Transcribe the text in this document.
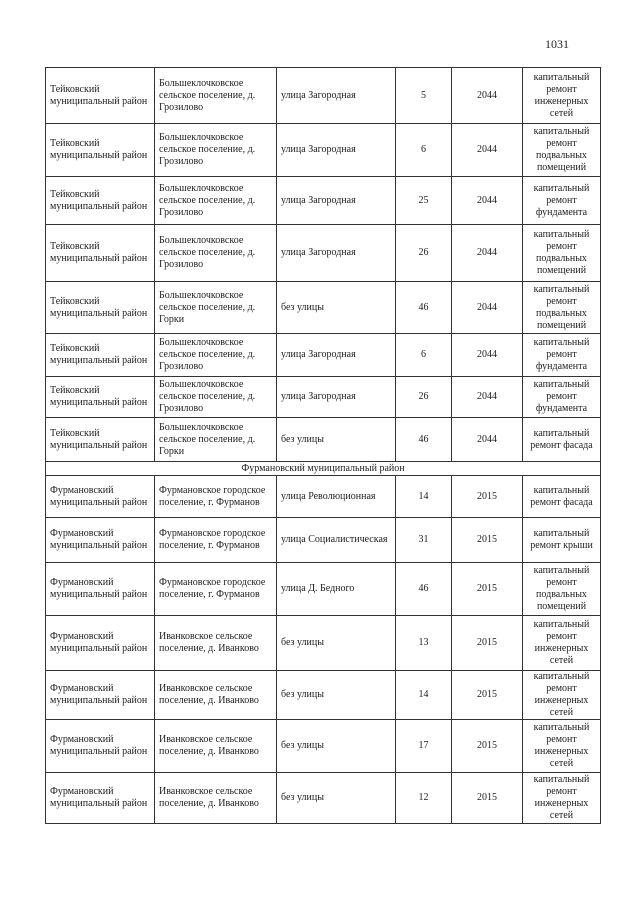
1031
Тейковский муниципальный район	Большеклочковское сельское поселение, д. Грозилово	улица Загородная	5	2044	капитальный ремонт инженерных сетей
Тейковский муниципальный район	Большеклочковское сельское поселение, д. Грозилово	улица Загородная	6	2044	капитальный ремонт подвальных помещений
Тейковский муниципальный район	Большеклочковское сельское поселение, д. Грозилово	улица Загородная	25	2044	капитальный ремонт фундамента
Тейковский муниципальный район	Большеклочковское сельское поселение, д. Грозилово	улица Загородная	26	2044	капитальный ремонт подвальных помещений
Тейковский муниципальный район	Большеклочковское сельское поселение, д. Горки	без улицы	46	2044	капитальный ремонт подвальных помещений
Тейковский муниципальный район	Большеклочковское сельское поселение, д. Грозилово	улица Загородная	6	2044	капитальный ремонт фундамента
Тейковский муниципальный район	Большеклочковское сельское поселение, д. Грозилово	улица Загородная	26	2044	капитальный ремонт фундамента
Тейковский муниципальный район	Большеклочковское сельское поселение, д. Горки	без улицы	46	2044	капитальный ремонт фасада
Фурмановский муниципальный район					
Фурмановский муниципальный район	Фурмановское городское поселение, г. Фурманов	улица Революционная	14	2015	капитальный ремонт фасада
Фурмановский муниципальный район	Фурмановское городское поселение, г. Фурманов	улица Социалистическая	31	2015	капитальный ремонт крыши
Фурмановский муниципальный район	Фурмановское городское поселение, г. Фурманов	улица Д. Бедного	46	2015	капитальный ремонт подвальных помещений
Фурмановский муниципальный район	Иванковское сельское поселение, д. Иванково	без улицы	13	2015	капитальный ремонт инженерных сетей
Фурмановский муниципальный район	Иванковское сельское поселение, д. Иванково	без улицы	14	2015	капитальный ремонт инженерных сетей
Фурмановский муниципальный район	Иванковское сельское поселение, д. Иванково	без улицы	17	2015	капитальный ремонт инженерных сетей
Фурмановский муниципальный район	Иванковское сельское поселение, д. Иванково	без улицы	12	2015	капитальный ремонт инженерных сетей
